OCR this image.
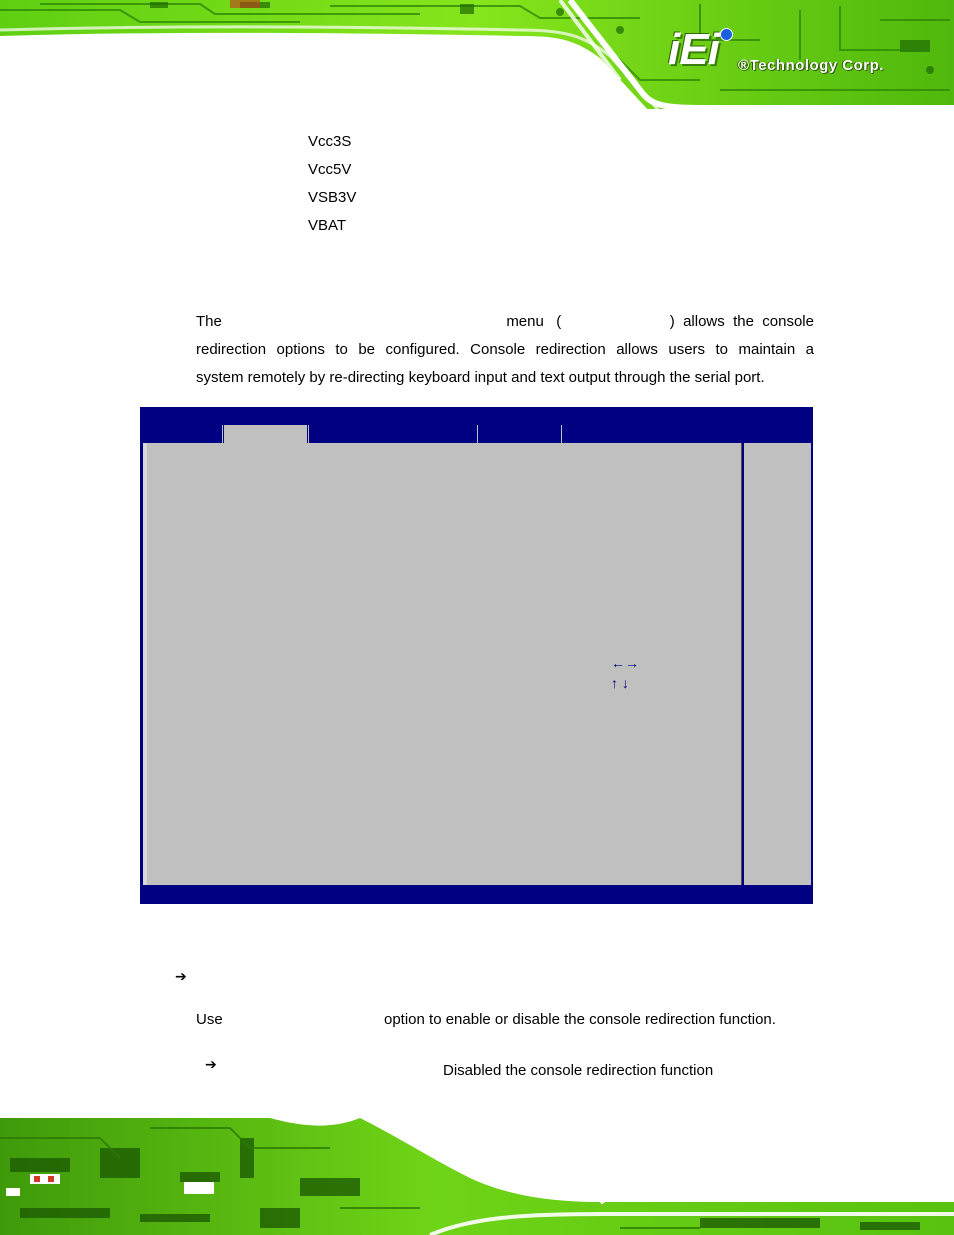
iEi ®Technology Corp.
Vcc3S
Vcc5V
VSB3V
VBAT
The	menu (	)  allows  the  console
redirection options to be configured. Console redirection allows users to maintain a
system remotely by re-directing keyboard input and text output through the serial port.
←→
↑ ↓
➔
Use	option to enable or disable the console redirection function.
➔	Disabled the console redirection function
